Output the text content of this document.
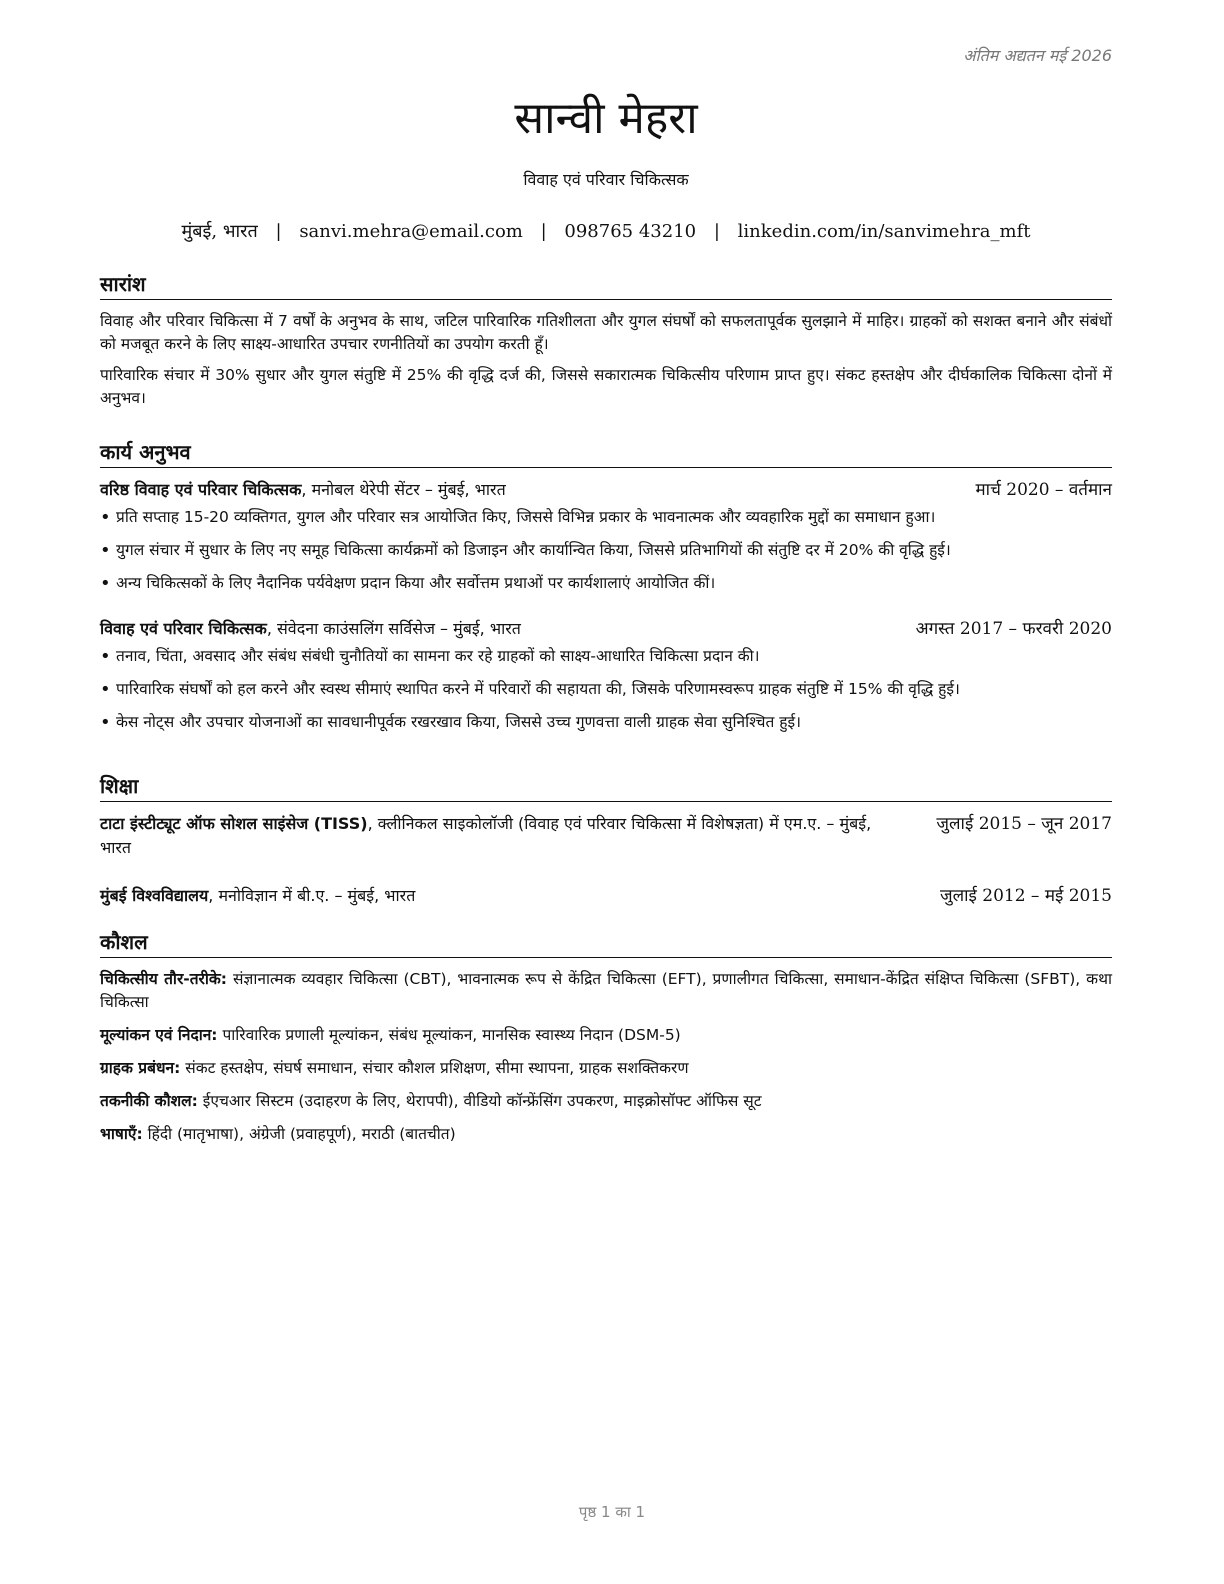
अंतिम अद्यतन मई 2026
सान्वी मेहरा
विवाह एवं परिवार चिकित्सक
मुंबई, भारत | sanvi.mehra@email.com | 098765 43210 | linkedin.com/in/sanvimehra_mft
सारांश

विवाह और परिवार चिकित्सा में 7 वर्षों के अनुभव के साथ, जटिल पारिवारिक गतिशीलता और युगल संघर्षों को सफलतापूर्वक सुलझाने में माहिर। ग्राहकों को सशक्त बनाने और संबंधों को मजबूत करने के लिए साक्ष्य-आधारित उपचार रणनीतियों का उपयोग करती हूँ।

पारिवारिक संचार में 30% सुधार और युगल संतुष्टि में 25% की वृद्धि दर्ज की, जिससे सकारात्मक चिकित्सीय परिणाम प्राप्त हुए। संकट हस्तक्षेप और दीर्घकालिक चिकित्सा दोनों में अनुभव।

कार्य अनुभव
वरिष्ठ विवाह एवं परिवार चिकित्सक, मनोबल थेरेपी सेंटर – मुंबई, भारत	मार्च 2020 – वर्तमान
• प्रति सप्ताह 15-20 व्यक्तिगत, युगल और परिवार सत्र आयोजित किए, जिससे विभिन्न प्रकार के भावनात्मक और व्यवहारिक मुद्दों का समाधान हुआ।
• युगल संचार में सुधार के लिए नए समूह चिकित्सा कार्यक्रमों को डिजाइन और कार्यान्वित किया, जिससे प्रतिभागियों की संतुष्टि दर में 20% की वृद्धि हुई।
• अन्य चिकित्सकों के लिए नैदानिक पर्यवेक्षण प्रदान किया और सर्वोत्तम प्रथाओं पर कार्यशालाएं आयोजित कीं।
विवाह एवं परिवार चिकित्सक, संवेदना काउंसलिंग सर्विसेज – मुंबई, भारत	अगस्त 2017 – फरवरी 2020
• तनाव, चिंता, अवसाद और संबंध संबंधी चुनौतियों का सामना कर रहे ग्राहकों को साक्ष्य-आधारित चिकित्सा प्रदान की।
• पारिवारिक संघर्षों को हल करने और स्वस्थ सीमाएं स्थापित करने में परिवारों की सहायता की, जिसके परिणामस्वरूप ग्राहक संतुष्टि में 15% की वृद्धि हुई।
• केस नोट्स और उपचार योजनाओं का सावधानीपूर्वक रखरखाव किया, जिससे उच्च गुणवत्ता वाली ग्राहक सेवा सुनिश्चित हुई।
शिक्षा
टाटा इंस्टीट्यूट ऑफ सोशल साइंसेज (TISS), क्लीनिकल साइकोलॉजी (विवाह एवं परिवार चिकित्सा में विशेषज्ञता) में एम.ए. – मुंबई, भारत
जुलाई 2015 – जून 2017
मुंबई विश्वविद्यालय, मनोविज्ञान में बी.ए. – मुंबई, भारत	जुलाई 2012 – मई 2015
कौशल

चिकित्सीय तौर-तरीके: संज्ञानात्मक व्यवहार चिकित्सा (CBT), भावनात्मक रूप से केंद्रित चिकित्सा (EFT), प्रणालीगत चिकित्सा, समाधान-केंद्रित संक्षिप्त चिकित्सा (SFBT), कथा चिकित्सा

मूल्यांकन एवं निदान: पारिवारिक प्रणाली मूल्यांकन, संबंध मूल्यांकन, मानसिक स्वास्थ्य निदान (DSM-5)

ग्राहक प्रबंधन: संकट हस्तक्षेप, संघर्ष समाधान, संचार कौशल प्रशिक्षण, सीमा स्थापना, ग्राहक सशक्तिकरण

तकनीकी कौशल: ईएचआर सिस्टम (उदाहरण के लिए, थेरापपी), वीडियो कॉन्फ्रेंसिंग उपकरण, माइक्रोसॉफ्ट ऑफिस सूट

भाषाएँ: हिंदी (मातृभाषा), अंग्रेजी (प्रवाहपूर्ण), मराठी (बातचीत)

पृष्ठ 1 का 1
